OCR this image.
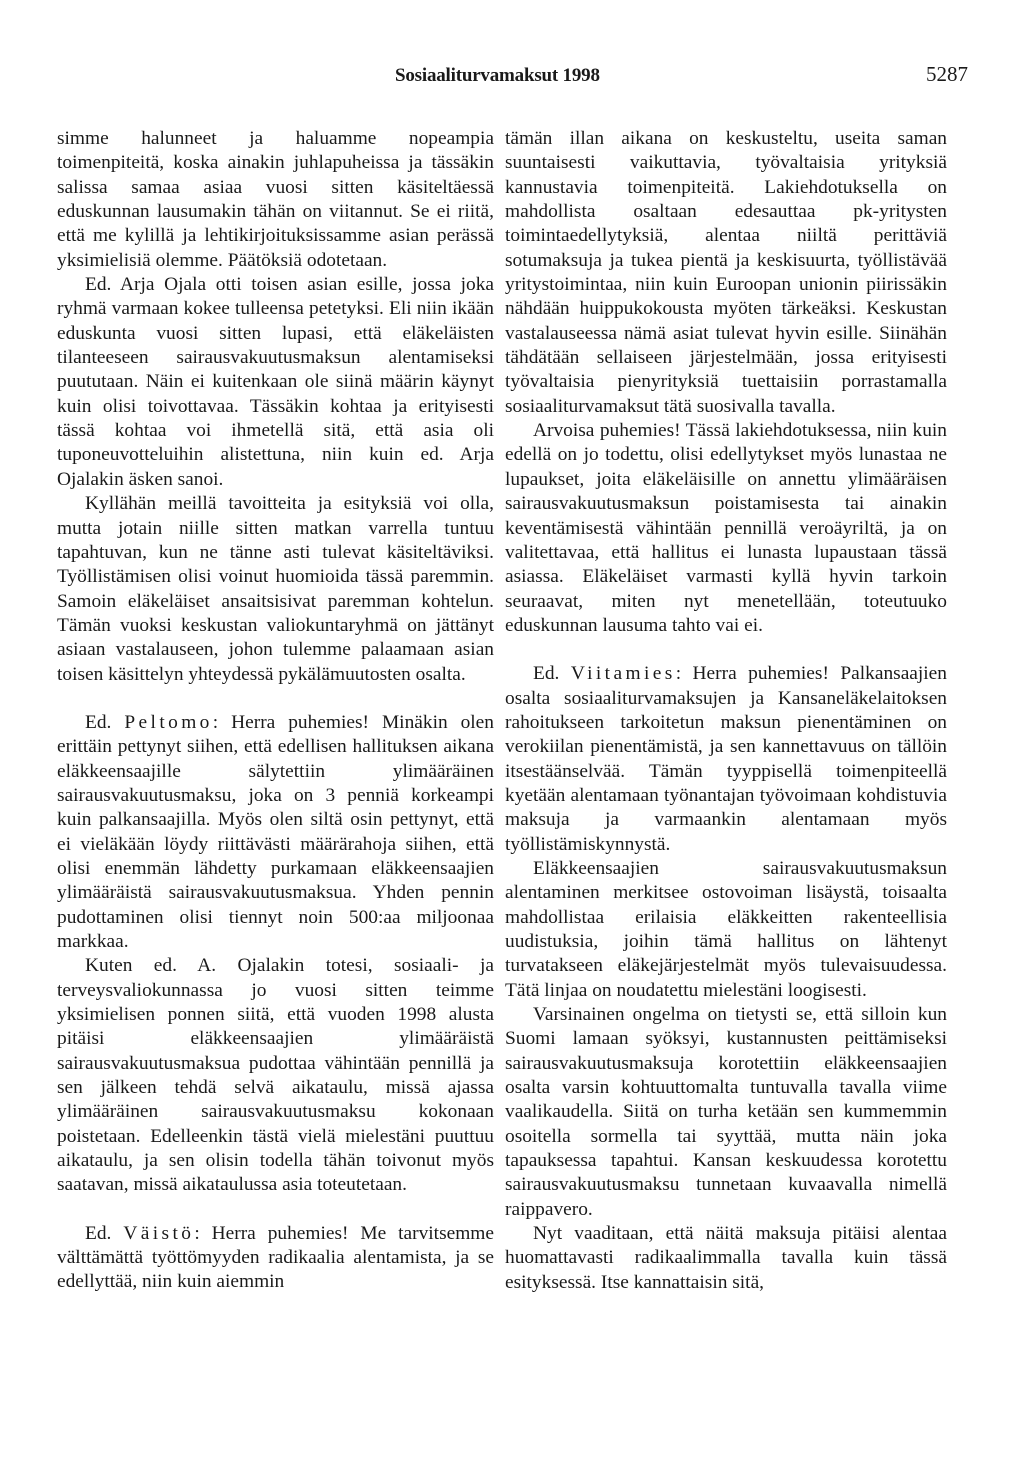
Sosiaaliturvamaksut 1998	5287

simme halunneet ja haluamme nopeampia toimenpiteitä, koska ainakin juhlapuheissa ja tässäkin salissa samaa asiaa vuosi sitten käsiteltäessä eduskunnan lausumakin tähän on viitannut. Se ei riitä, että me kylillä ja lehtikirjoituksissamme asian perässä yksimielisiä olemme. Päätöksiä odotetaan.

Ed. Arja Ojala otti toisen asian esille, jossa joka ryhmä varmaan kokee tulleensa petetyksi. Eli niin ikään eduskunta vuosi sitten lupasi, että eläkeläisten tilanteeseen sairausvakuutusmaksun alentamiseksi puututaan. Näin ei kuitenkaan ole siinä määrin käynyt kuin olisi toivottavaa. Tässäkin kohtaa ja erityisesti tässä kohtaa voi ihmetellä sitä, että asia oli tuponeuvotteluihin alistettuna, niin kuin ed. Arja Ojalakin äsken sanoi.

Kyllähän meillä tavoitteita ja esityksiä voi olla, mutta jotain niille sitten matkan varrella tuntuu tapahtuvan, kun ne tänne asti tulevat käsiteltäviksi. Työllistämisen olisi voinut huomioida tässä paremmin. Samoin eläkeläiset ansaitsisivat paremman kohtelun. Tämän vuoksi keskustan valiokuntaryhmä on jättänyt asiaan vastalauseen, johon tulemme palaamaan asian toisen käsittelyn yhteydessä pykälämuutosten osalta.

Ed. Peltomo: Herra puhemies! Minäkin olen erittäin pettynyt siihen, että edellisen hallituksen aikana eläkkeensaajille sälytettiin ylimääräinen sairausvakuutusmaksu, joka on 3 penniä korkeampi kuin palkansaajilla. Myös olen siltä osin pettynyt, että ei vieläkään löydy riittävästi määrärahoja siihen, että olisi enemmän lähdetty purkamaan eläkkeensaajien ylimääräistä sairausvakuutusmaksua. Yhden pennin pudottaminen olisi tiennyt noin 500:aa miljoonaa markkaa.

Kuten ed. A. Ojalakin totesi, sosiaali- ja terveysvaliokunnassa jo vuosi sitten teimme yksimielisen ponnen siitä, että vuoden 1998 alusta pitäisi eläkkeensaajien ylimääräistä sairausvakuutusmaksua pudottaa vähintään pennillä ja sen jälkeen tehdä selvä aikataulu, missä ajassa ylimääräinen sairausvakuutusmaksu kokonaan poistetaan. Edelleenkin tästä vielä mielestäni puuttuu aikataulu, ja sen olisin todella tähän toivonut myös saatavan, missä aikataulussa asia toteutetaan.

Ed. Väistö: Herra puhemies! Me tarvitsemme välttämättä työttömyyden radikaalia alentamista, ja se edellyttää, niin kuin aiemmin

tämän illan aikana on keskusteltu, useita saman suuntaisesti vaikuttavia, työvaltaisia yrityksiä kannustavia toimenpiteitä. Lakiehdotuksella on mahdollista osaltaan edesauttaa pk-yritysten toimintaedellytyksiä, alentaa niiltä perittäviä sotumaksuja ja tukea pientä ja keskisuurta, työllistävää yritystoimintaa, niin kuin Euroopan unionin piirissäkin nähdään huippukokousta myöten tärkeäksi. Keskustan vastalauseessa nämä asiat tulevat hyvin esille. Siinähän tähdätään sellaiseen järjestelmään, jossa erityisesti työvaltaisia pienyrityksiä tuettaisiin porrastamalla sosiaaliturvamaksut tätä suosivalla tavalla.

Arvoisa puhemies! Tässä lakiehdotuksessa, niin kuin edellä on jo todettu, olisi edellytykset myös lunastaa ne lupaukset, joita eläkeläisille on annettu ylimääräisen sairausvakuutusmaksun poistamisesta tai ainakin keventämisestä vähintään pennillä veroäyriltä, ja on valitettavaa, että hallitus ei lunasta lupaustaan tässä asiassa. Eläkeläiset varmasti kyllä hyvin tarkoin seuraavat, miten nyt menetellään, toteutuuko eduskunnan lausuma tahto vai ei.

Ed. Viitamies: Herra puhemies! Palkansaajien osalta sosiaaliturvamaksujen ja Kansaneläkelaitoksen rahoitukseen tarkoitetun maksun pienentäminen on verokiilan pienentämistä, ja sen kannettavuus on tällöin itsestäänselvää. Tämän tyyppisellä toimenpiteellä kyetään alentamaan työnantajan työvoimaan kohdistuvia maksuja ja varmaankin alentamaan myös työllistämiskynnystä.

Eläkkeensaajien sairausvakuutusmaksun alentaminen merkitsee ostovoiman lisäystä, toisaalta mahdollistaa erilaisia eläkkeitten rakenteellisia uudistuksia, joihin tämä hallitus on lähtenyt turvatakseen eläkejärjestelmät myös tulevaisuudessa. Tätä linjaa on noudatettu mielestäni loogisesti.

Varsinainen ongelma on tietysti se, että silloin kun Suomi lamaan syöksyi, kustannusten peittämiseksi sairausvakuutusmaksuja korotettiin eläkkeensaajien osalta varsin kohtuuttomalta tuntuvalla tavalla viime vaalikaudella. Siitä on turha ketään sen kummemmin osoitella sormella tai syyttää, mutta näin joka tapauksessa tapahtui. Kansan keskuudessa korotettu sairausvakuutusmaksu tunnetaan kuvaavalla nimellä raippavero.

Nyt vaaditaan, että näitä maksuja pitäisi alentaa huomattavasti radikaalimmalla tavalla kuin tässä esityksessä. Itse kannattaisin sitä,
